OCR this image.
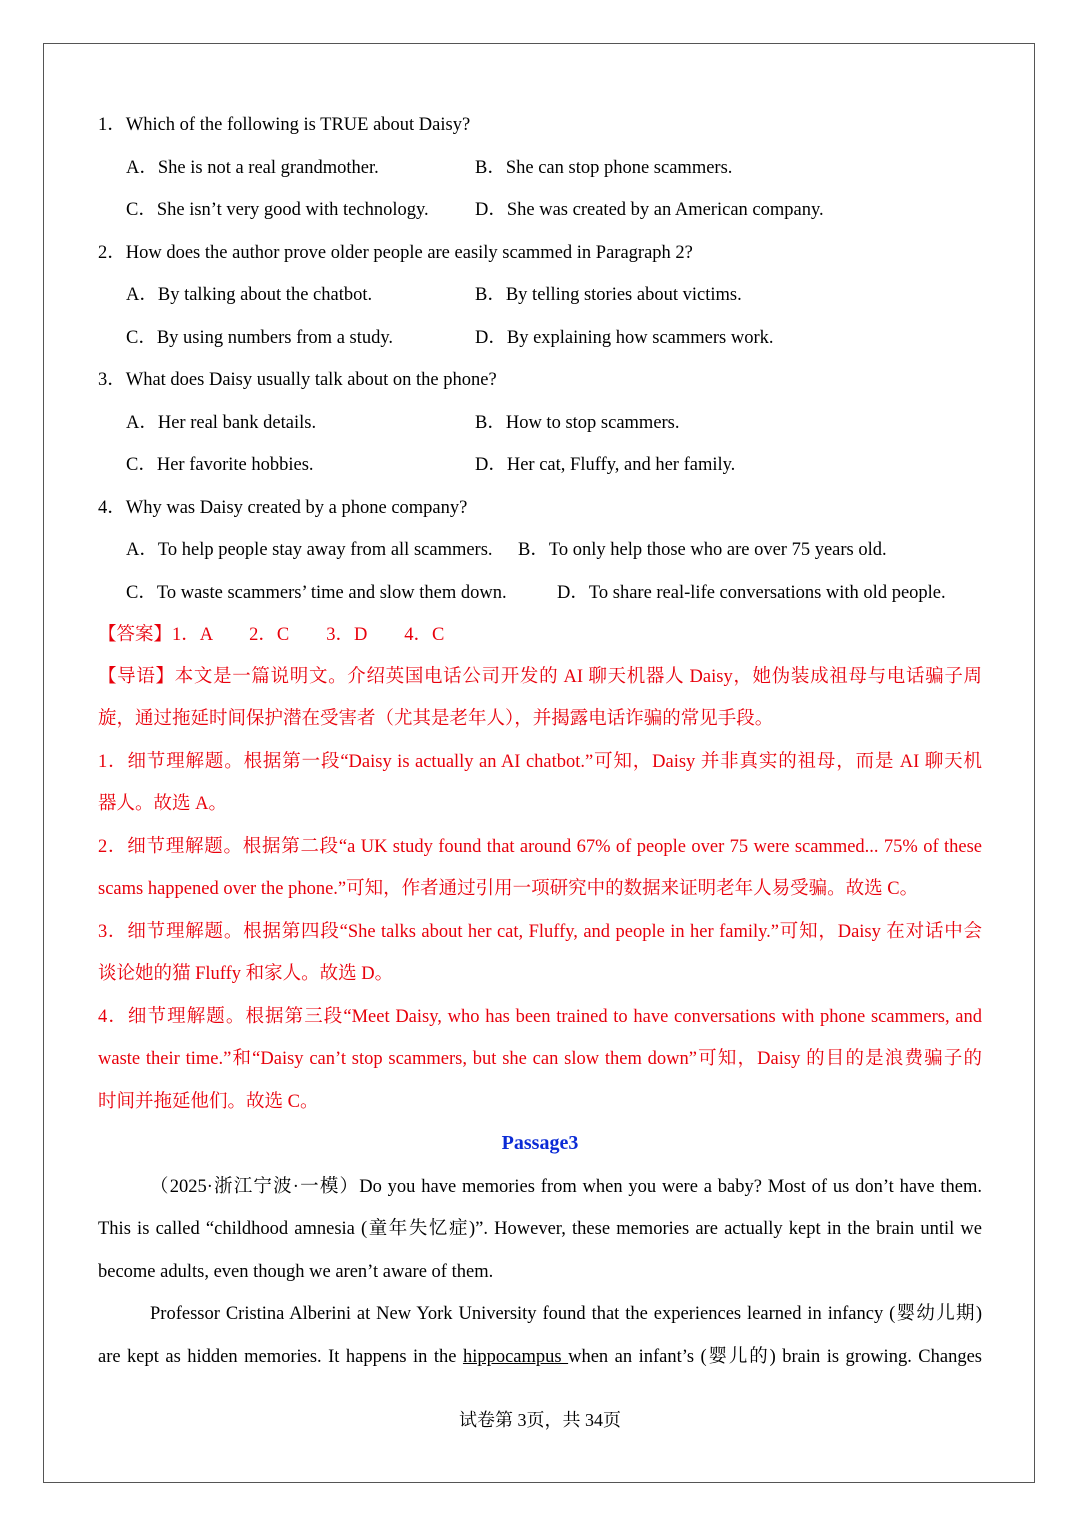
1．Which of the following is TRUE about Daisy?
A．She is not a real grandmother.	B．She can stop phone scammers.
C．She isn’t very good with technology.	D．She was created by an American company.
2．How does the author prove older people are easily scammed in Paragraph 2?
A．By talking about the chatbot.	B．By telling stories about victims.
C．By using numbers from a study.	D．By explaining how scammers work.
3．What does Daisy usually talk about on the phone?
A．Her real bank details.	B．How to stop scammers.
C．Her favorite hobbies.	D．Her cat, Fluffy, and her family.
4．Why was Daisy created by a phone company?
A．To help people stay away from all scammers. B．To only help those who are over 75 years old.
C．To waste scammers’ time and slow them down.	D．To share real-life conversations with old people.
【答案】1．A　　2．C　　3．D　　4．C
【导语】本文是一篇说明文。介绍英国电话公司开发的 AI 聊天机器人 Daisy，她伪装成祖母与电话骗子周
旋，通过拖延时间保护潜在受害者（尤其是老年人），并揭露电话诈骗的常见手段。
1．细节理解题。根据第一段“Daisy is actually an AI chatbot.”可知，Daisy 并非真实的祖母，而是 AI 聊天机
器人。故选 A。
2．细节理解题。根据第二段“a UK study found that around 67% of people over 75 were scammed... 75% of these
scams happened over the phone.”可知，作者通过引用一项研究中的数据来证明老年人易受骗。故选 C。
3．细节理解题。根据第四段“She talks about her cat, Fluffy, and people in her family.”可知，Daisy 在对话中会
谈论她的猫 Fluffy 和家人。故选 D。
4．细节理解题。根据第三段“Meet Daisy, who has been trained to have conversations with phone scammers, and
waste their time.”和“Daisy can’t stop scammers, but she can slow them down”可知，Daisy 的目的是浪费骗子的
时间并拖延他们。故选 C。
Passage3
（2025·浙江宁波·一模）Do you have memories from when you were a baby? Most of us don’t have them.
This is called “childhood amnesia (童年失忆症)”. However, these memories are actually kept in the brain until we
become adults, even though we aren’t aware of them.
Professor Cristina Alberini at New York University found that the experiences learned in infancy (婴幼儿期)
are kept as hidden memories. It happens in the hippocampus when an infant’s (婴儿的) brain is growing. Changes
试卷第 3页，共 34页
